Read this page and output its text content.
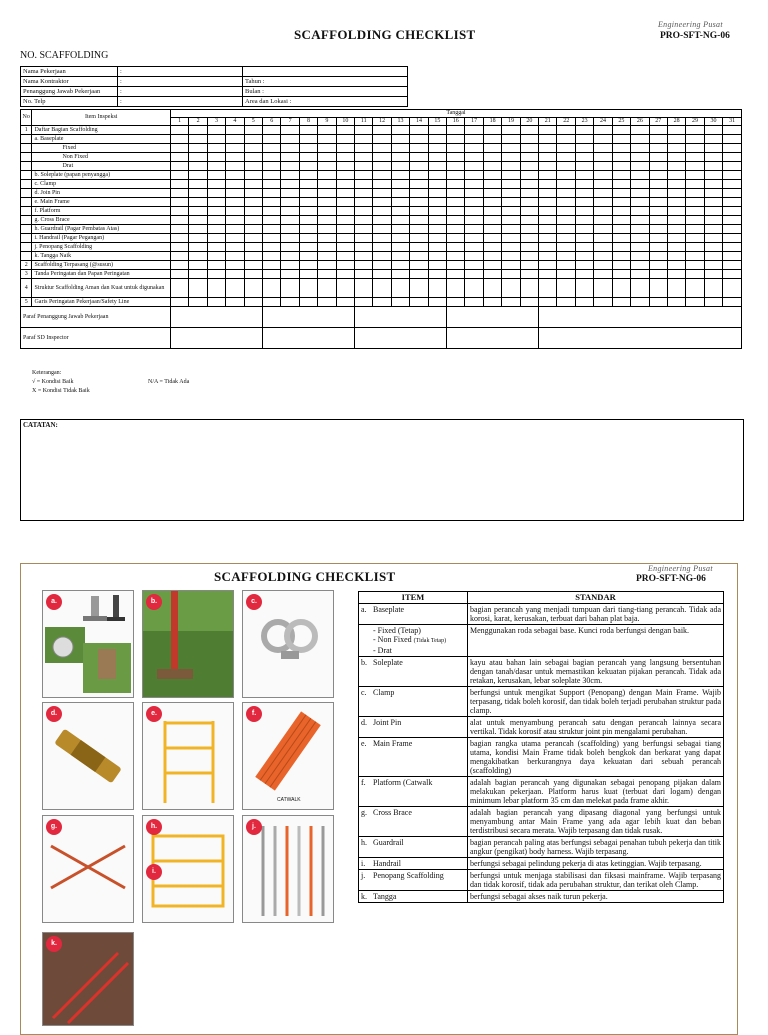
Engineering Pusat
PRO-SFT-NG-06
SCAFFOLDING CHECKLIST
NO. SCAFFOLDING
Nama Pekerjaan	:	
Nama Kontraktor	:	Tahun :
Penanggung Jawab Pekerjaan	:	Bulan :
No. Telp	:	Area dan Lokasi :
No	Item Inspeksi	Tanggal																														
		1	2	3	4	5	6	7	8	9	10	11	12	13	14	15	16	17	18	19	20	21	22	23	24	25	26	27	28	29	30	31
1	Daftar Bagian Scaffolding																															
	a. Baseplate																															
	Fixed																															
	Non Fixed																															
	Drat																															
	b. Soleplate (papan penyangga)																															
	c. Clamp																															
	d. Join Pin																															
	e. Main Frame																															
	f. Platform																															
	g. Cross Brace																															
	h. Guardrail (Pagar Pembatas Atas)																															
	i. Handrail (Pagar Pegangan)																															
	j. Penopang Scaffolding																															
	k. Tangga Naik																															
2	Scaffolding Terpasang (@susun)																															
3	Tanda Peringatan dan Papan Peringatan																															
4	Struktur Scaffolding Aman dan Kuat untuk digunakan																															
5	Garis Peringatan Pekerjaan/Safety Line																															
Paraf Penanggung Jawab Pekerjaan																																
Paraf SD Inspector																																
Keterangan:
√ = Kondisi Baik
X = Kondisi Tidak Baik
N/A = Tidak Ada
CATATAN:
Engineering Pusat
PRO-SFT-NG-06
SCAFFOLDING CHECKLIST
a.	b.	c.
d.	e.	f.
CATWALK
g.	h.
i.
j.
k.
ITEM	STANDAR
a. Baseplate	bagian perancah yang menjadi tumpuan dari tiang-tiang perancah. Tidak ada korosi, karat, kerusakan, terbuat dari bahan plat baja.
- Fixed (Tetap)
- Non Fixed (Tidak Tetap)
- Drat	Menggunakan roda sebagai base. Kunci roda berfungsi dengan baik.
b. Soleplate	kayu atau bahan lain sebagai bagian perancah yang langsung bersentuhan dengan tanah/dasar untuk memastikan kekuatan pijakan perancah. Tidak ada retakan, kerusakan, lebar soleplate 30cm.
c. Clamp	berfungsi untuk mengikat Support (Penopang) dengan Main Frame. Wajib terpasang, tidak boleh korosif, dan tidak boleh terjadi perubahan struktur pada clamp.
d. Joint Pin	alat untuk menyambung perancah satu dengan perancah lainnya secara vertikal. Tidak korosif atau struktur joint pin mengalami perubahan.
e. Main Frame	bagian rangka utama perancah (scaffolding) yang berfungsi sebagai tiang utama, kondisi Main Frame tidak boleh bengkok dan berkarat yang dapat mengakibatkan berkurangnya daya kekuatan dari sebuah perancah (scaffolding)
f. Platform (Catwalk	adalah bagian perancah yang digunakan sebagai penopang pijakan dalam melakukan pekerjaan. Platform harus kuat (terbuat dari logam) dengan minimum lebar platform 35 cm dan melekat pada frame akhir.
g. Cross Brace	adalah bagian perancah yang dipasang diagonal yang berfungsi untuk menyambung antar Main Frame yang ada agar lebih kuat dan beban terdistribusi secara merata. Wajib terpasang dan tidak rusak.
h. Guardrail	bagian perancah paling atas berfungsi sebagai penahan tubuh pekerja dan titik angkur (pengikat) body harness. Wajib terpasang.
i. Handrail	berfungsi sebagai pelindung pekerja di atas ketinggian. Wajib terpasang.
j. Penopang Scaffolding	berfungsi untuk menjaga stabilisasi dan fiksasi mainframe. Wajib terpasang dan tidak korosif, tidak ada perubahan struktur, dan terikat oleh Clamp.
k. Tangga	berfungsi sebagai akses naik turun pekerja.
